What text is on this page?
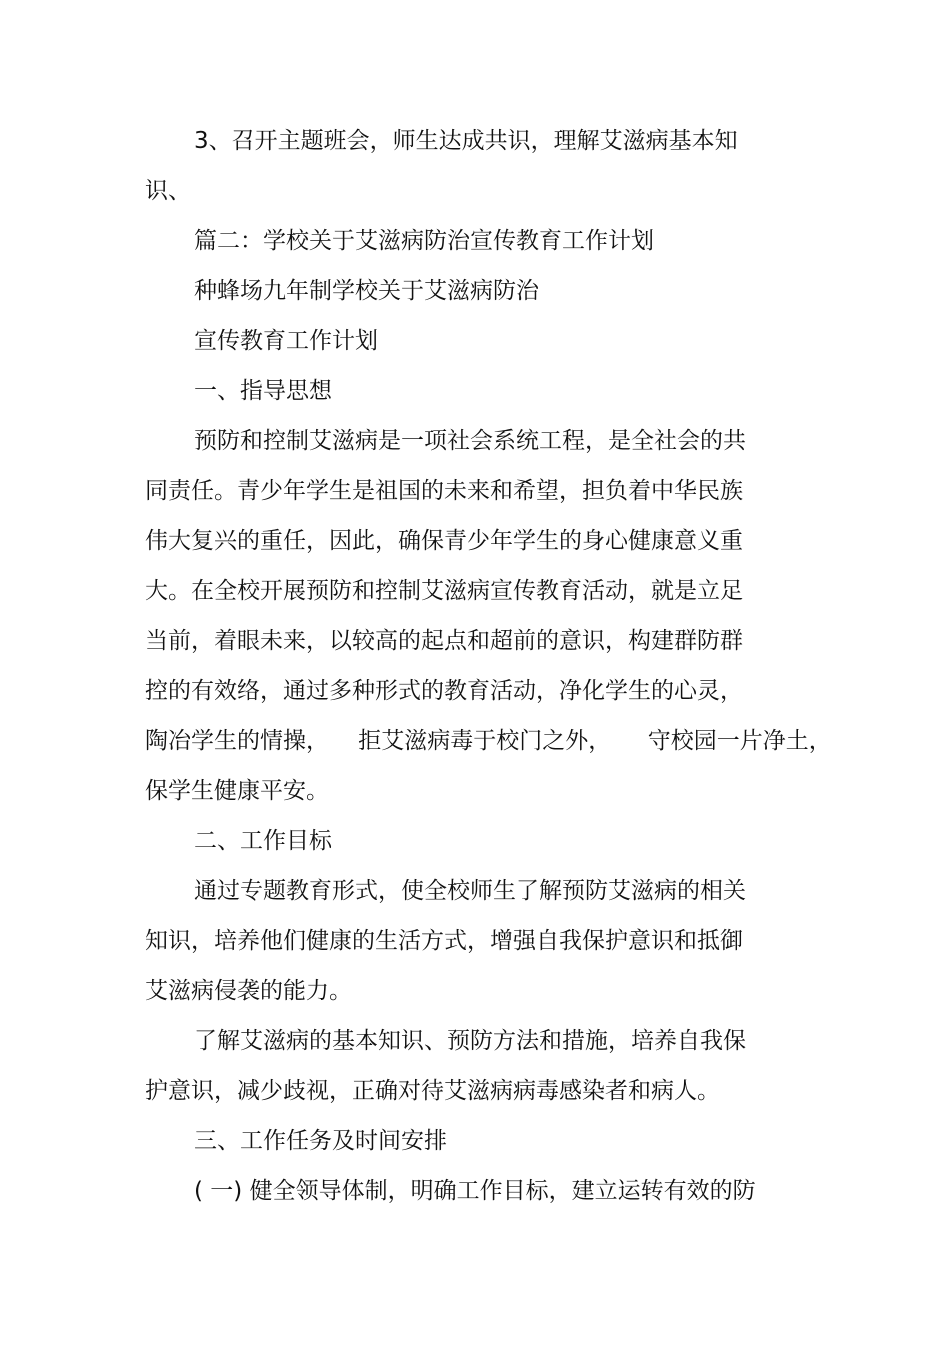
3、召开主题班会，师生达成共识，理解艾滋病基本知

识、

篇二：学校关于艾滋病防治宣传教育工作计划

种蜂场九年制学校关于艾滋病防治

宣传教育工作计划

一、指导思想

预防和控制艾滋病是一项社会系统工程，是全社会的共

同责任。青少年学生是祖国的未来和希望，担负着中华民族

伟大复兴的重任，因此，确保青少年学生的身心健康意义重

大。在全校开展预防和控制艾滋病宣传教育活动，就是立足

当前，着眼未来，以较高的起点和超前的意识，构建群防群

控的有效络，通过多种形式的教育活动，净化学生的心灵，

陶冶学生的情操，    拒艾滋病毒于校门之外，     守校园一片净土，

保学生健康平安。

二、工作目标

通过专题教育形式，使全校师生了解预防艾滋病的相关

知识，培养他们健康的生活方式，增强自我保护意识和抵御

艾滋病侵袭的能力。

了解艾滋病的基本知识、预防方法和措施，培养自我保

护意识，减少歧视，正确对待艾滋病病毒感染者和病人。

三、工作任务及时间安排

( 一) 健全领导体制，明确工作目标，建立运转有效的防
